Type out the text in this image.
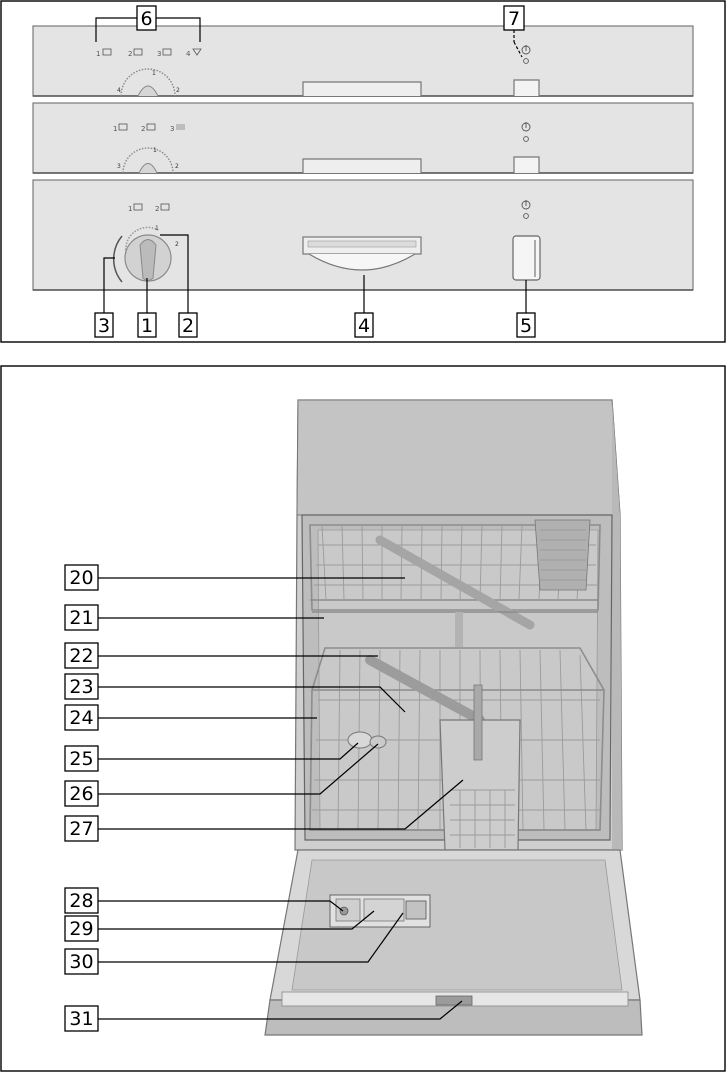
1	2	3	4
1
2
4
1	2	3
1
2
3
1	2
1
2
6	7
3 1 2	4	5
20
21
22
23
24
25
26
27
28
29
30
31
